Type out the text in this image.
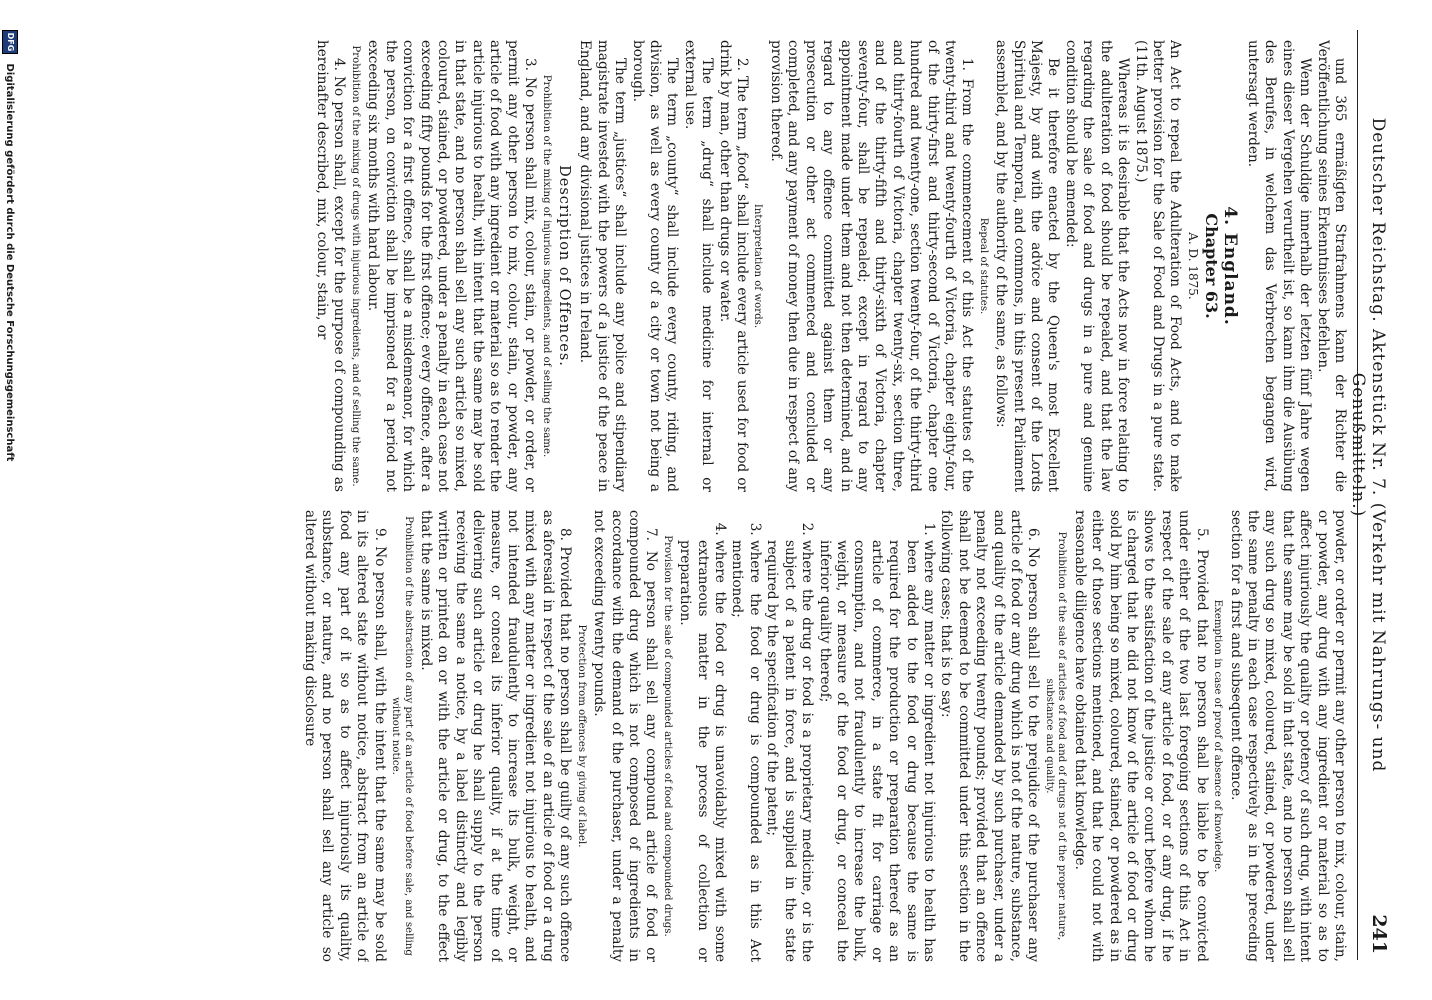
Deutscher Reichstag. Aktenstück Nr. 7. (Verkehr mit Nahrungs- und Genußmitteln.)
241

und 365 ermäßigten Strafrahmens kann der Richter die Veröffentlichung seines Erkenntnisses befehlen.

Wenn der Schuldige innerhalb der letzten fünf Jahre wegen eines dieser Vergehen verurtheilt ist, so kann ihm die Ausübung des Berufes, in welchem das Verbrechen begangen wird, untersagt werden.

4. England.
Chapter 63.
A. D. 1875.

An Act to repeal the Adulteration of Food Acts, and to make better provision for the Sale of Food and Drugs in a pure state. (11th. August 1875.)

Whereas it is desirable that the Acts now in force relating to the adulteration of food should be repealed, and that the law regarding the sale of food and drugs in a pure and genuine condition should be amended:

Be it therefore enacted by the Queen's most Excellent Majesty, by and with the advice and consent of the Lords Spiritual and Temporal, and commons, in this present Parliament assembled, and by the authority of the same, as follows:

Repeal of statutes.

1. From the commencement of this Act the statutes of the twenty-third and twenty-fourth of Victoria, chapter eighty-four, of the thirty-first and thirty-second of Victoria, chapter one hundred and twenty-one, section twenty-four, of the thirty-third and thirty-fourth of Victoria, chapter twenty-six, section three, and of the thirty-fifth and thirty-sixth of Victoria, chapter seventy-four, shall be repealed; except in regard to any appointment made under them and not then determined, and in regard to any offence committed against them or any prosecution or other act commenced and concluded or completed, and any payment of money then due in respect of any provision thereof.

Interpretation of words.

2. The term „food“ shall include every article used for food or drink by man, other than drugs or water.

The term „drug“ shall include medicine for internal or external use.

The term „county“ shall include every county, riding, and division, as well as every county of a city or town not being a borough.

The term „justices“ shall include any police and stipendiary magistrate invested with the powers of a justice of the peace in England, and any divisional justices in Ireland.

Description of Offences.
Prohibition of the mixing of injurious ingredients, and of selling the same.

3. No person shall mix, colour, stain, or powder, or order, or permit any other person to mix, colour, stain, or powder, any article of food with any ingredient or material so as to render the article injurious to health, with intent that the same may be sold in that state, and no person shall sell any such article so mixed, coloured, stained, or powdered, under a penalty in each case not exceeding fifty pounds for the first offence; every offence, after a conviction for a first offence, shall be a misdemeanor, for which the person, on conviction shall be imprisoned for a period not exceeding six months with hard labour.

Prohibition of the mixing of drugs with injurious ingredients, and of selling the same.

4. No person shall, except for the purpose of compounding as hereinafter described, mix, colour, stain, or

powder, or order or permit any other person to mix, colour, stain, or powder, any drug with any ingredient or material so as to affect injuriously the quality or potency of such drug, with intent that the same may be sold in that state, and no person shall sell any such drug so mixed, coloured, stained, or powdered, under the same penalty in each case respectively as in the preceding section for a first and subsequent offence.

Exemption in case of proof of absence of knowledge.

5. Provided that no person shall be liable to be convicted under either of the two last foregoing sections of this Act in respect of the sale of any article of food, or of any drug, if he shows to the satisfaction of the justice or court before whom he is charged that he did not know of the article of food or drug sold by him being so mixed, coloured, stained, or powdered as in either of those sections mentioned, and that he could not with reasonable diligence have obtained that knowledge.

Prohibition of the sale of articles of food and of drugs not of the proper nature, substance and quality.

6. No person shall sell to the prejudice of the purchaser any article of food or any drug which is not of the nature, substance, and quality of the article demanded by such purchaser, under a penalty not exceeding twenty pounds; provided that an offence shall not be deemed to be committed under this section in the following cases; that is to say:

1. where any matter or ingredient not injurious to health has been added to the food or drug because the same is required for the production or preparation thereof as an article of commerce, in a state fit for carriage or consumption, and not fraudulently to increase the bulk, weight, or measure of the food or drug, or conceal the inferior quality thereof;
2. where the drug or food is a proprietary medicine, or is the subject of a patent in force, and is supplied in the state required by the specification of the patent;
3. where the food or drug is compounded as in this Act mentioned;
4. where the food or drug is unavoidably mixed with some extraneous matter in the process of collection or preparation.
Provision for the sale of compounded articles of food and compounded drugs.

7. No person shall sell any compound article of food or compounded drug which is not composed of ingredients in accordance with the demand of the purchaser, under a penalty not exceeding twenty pounds.

Protection from offences by giving of label.

8. Provided that no person shall be guilty of any such offence as aforesaid in respect of the sale of an article of food or a drug mixed with any matter or ingredient not injurious to health, and not intended fraudulently to increase its bulk, weight, or measure, or conceal its inferior quality, if at the time of delivering such article or drug he shall supply to the person receiving the same a notice, by a label distinctly and legibly written or printed on or with the article or drug, to the effect that the same is mixed.

Prohibition of the abstraction of any part of an article of food before sale, and selling without notice.

9. No person shall, with the intent that the same may be sold in its altered state without notice, abstract from an article of food any part of it so as to affect injuriously its quality, substance, or nature, and no person shall sell any article so altered without making disclosure

DFG Digitalisierung gefördert durch die Deutsche Forschungsgemeinschaft
